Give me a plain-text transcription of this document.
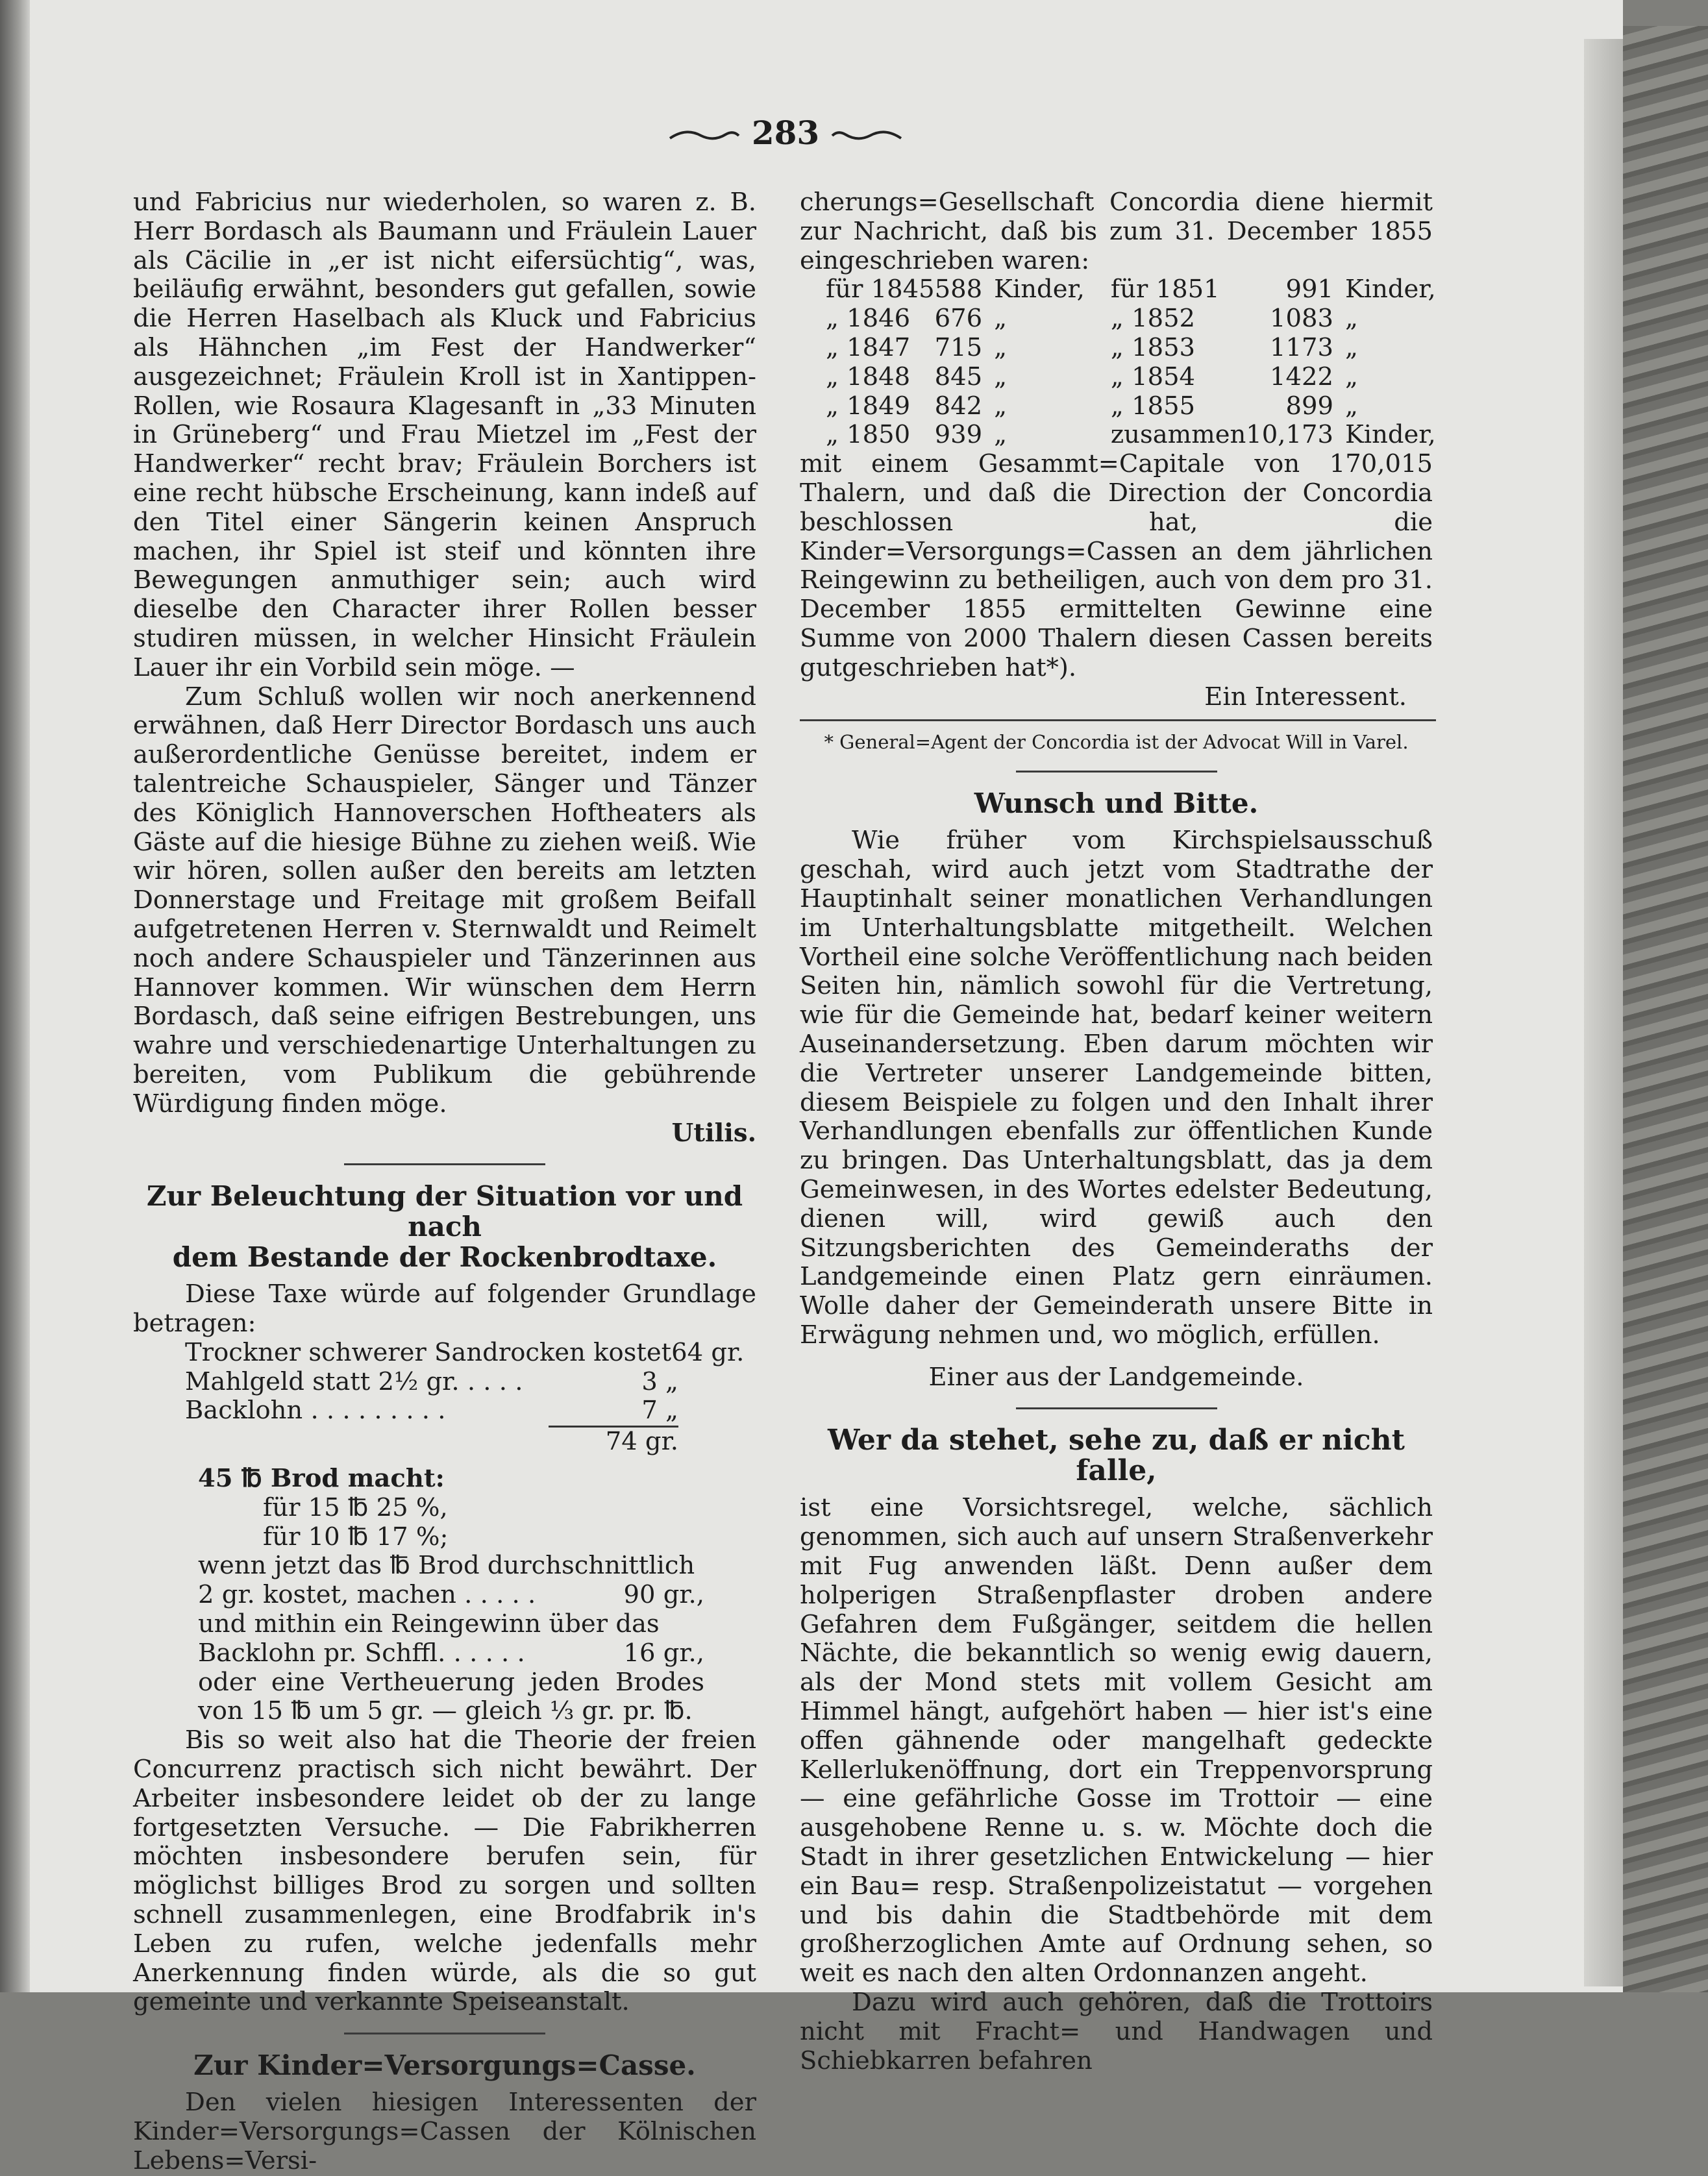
283

und Fabricius nur wiederholen, so waren z. B. Herr Bordasch als Baumann und Fräulein Lauer als Cäcilie in „er ist nicht eifersüchtig“, was, beiläufig erwähnt, besonders gut gefallen, sowie die Herren Haselbach als Kluck und Fabricius als Hähnchen „im Fest der Handwerker“ ausgezeichnet; Fräulein Kroll ist in Xantippen-Rollen, wie Rosaura Klagesanft in „33 Minuten in Grüneberg“ und Frau Mietzel im „Fest der Handwerker“ recht brav; Fräulein Borchers ist eine recht hübsche Erscheinung, kann indeß auf den Titel einer Sängerin keinen Anspruch machen, ihr Spiel ist steif und könnten ihre Bewegungen anmuthiger sein; auch wird dieselbe den Character ihrer Rollen besser studiren müssen, in welcher Hinsicht Fräulein Lauer ihr ein Vorbild sein möge. —

Zum Schluß wollen wir noch anerkennend erwähnen, daß Herr Director Bordasch uns auch außerordentliche Genüsse bereitet, indem er talentreiche Schauspieler, Sänger und Tänzer des Königlich Hannoverschen Hoftheaters als Gäste auf die hiesige Bühne zu ziehen weiß. Wie wir hören, sollen außer den bereits am letzten Donnerstage und Freitage mit großem Beifall aufgetretenen Herren v. Sternwaldt und Reimelt noch andere Schauspieler und Tänzerinnen aus Hannover kommen. Wir wünschen dem Herrn Bordasch, daß seine eifrigen Bestrebungen, uns wahre und verschiedenartige Unterhaltungen zu bereiten, vom Publikum die gebührende Würdigung finden möge.

Utilis.

Zur Beleuchtung der Situation vor und nach
dem Bestande der Rockenbrodtaxe.

Diese Taxe würde auf folgender Grundlage betragen:

Trockner schwerer Sandrocken kostet 64 gr.
Mahlgeld statt 2½ gr. . . . .	3 „
Backlohn . . . . . . . . .	7 „
74 gr.
45 ℔ Brod macht:
für 15 ℔ 25 %,
für 10 ℔ 17 %;
wenn jetzt das ℔ Brod durchschnittlich
2 gr. kostet, machen . . . . .	90 gr.,
und mithin ein Reingewinn über das
Backlohn pr. Schffl. . . . . .	16 gr.,

oder eine Vertheuerung jeden Brodes von 15 ℔ um 5 gr. — gleich ⅓ gr. pr. ℔.

Bis so weit also hat die Theorie der freien Concurrenz practisch sich nicht bewährt. Der Arbeiter insbesondere leidet ob der zu lange fortgesetzten Versuche. — Die Fabrikherren möchten insbesondere berufen sein, für möglichst billiges Brod zu sorgen und sollten schnell zusammenlegen, eine Brodfabrik in's Leben zu rufen, welche jedenfalls mehr Anerkennung finden würde, als die so gut gemeinte und verkannte Speiseanstalt.

Zur Kinder=Versorgungs=Casse.

Den vielen hiesigen Interessenten der Kinder=Versorgungs=Cassen der Kölnischen Lebens=Versi-

cherungs=Gesellschaft Concordia diene hiermit zur Nachricht, daß bis zum 31. December 1855 eingeschrieben waren:

für 1845	588	Kinder,	für 1851	991	Kinder,
„ 1846	676	„	„ 1852	1083	„
„ 1847	715	„	„ 1853	1173	„
„ 1848	845	„	„ 1854	1422	„
„ 1849	842	„	„ 1855	899	„
„ 1850	939	„	zusammen	10,173	Kinder,

mit einem Gesammt=Capitale von 170,015 Thalern, und daß die Direction der Concordia beschlossen hat, die Kinder=Versorgungs=Cassen an dem jährlichen Reingewinn zu betheiligen, auch von dem pro 31. December 1855 ermittelten Gewinne eine Summe von 2000 Thalern diesen Cassen bereits gutgeschrieben hat*).

Ein Interessent.

* General=Agent der Concordia ist der Advocat Will in Varel.
Wunsch und Bitte.

Wie früher vom Kirchspielsausschuß geschah, wird auch jetzt vom Stadtrathe der Hauptinhalt seiner monatlichen Verhandlungen im Unterhaltungsblatte mitgetheilt. Welchen Vortheil eine solche Veröffentlichung nach beiden Seiten hin, nämlich sowohl für die Vertretung, wie für die Gemeinde hat, bedarf keiner weitern Auseinandersetzung. Eben darum möchten wir die Vertreter unserer Landgemeinde bitten, diesem Beispiele zu folgen und den Inhalt ihrer Verhandlungen ebenfalls zur öffentlichen Kunde zu bringen. Das Unterhaltungsblatt, das ja dem Gemeinwesen, in des Wortes edelster Bedeutung, dienen will, wird gewiß auch den Sitzungsberichten des Gemeinderaths der Landgemeinde einen Platz gern einräumen. Wolle daher der Gemeinderath unsere Bitte in Erwägung nehmen und, wo möglich, erfüllen.

Einer aus der Landgemeinde.

Wer da stehet, sehe zu, daß er nicht falle,

ist eine Vorsichtsregel, welche, sächlich genommen, sich auch auf unsern Straßenverkehr mit Fug anwenden läßt. Denn außer dem holperigen Straßenpflaster droben andere Gefahren dem Fußgänger, seitdem die hellen Nächte, die bekanntlich so wenig ewig dauern, als der Mond stets mit vollem Gesicht am Himmel hängt, aufgehört haben — hier ist's eine offen gähnende oder mangelhaft gedeckte Kellerlukenöffnung, dort ein Treppenvorsprung — eine gefährliche Gosse im Trottoir — eine ausgehobene Renne u. s. w. Möchte doch die Stadt in ihrer gesetzlichen Entwickelung — hier ein Bau= resp. Straßenpolizeistatut — vorgehen und bis dahin die Stadtbehörde mit dem großherzoglichen Amte auf Ordnung sehen, so weit es nach den alten Ordonnanzen angeht.

Dazu wird auch gehören, daß die Trottoirs nicht mit Fracht= und Handwagen und Schiebkarren befahren
